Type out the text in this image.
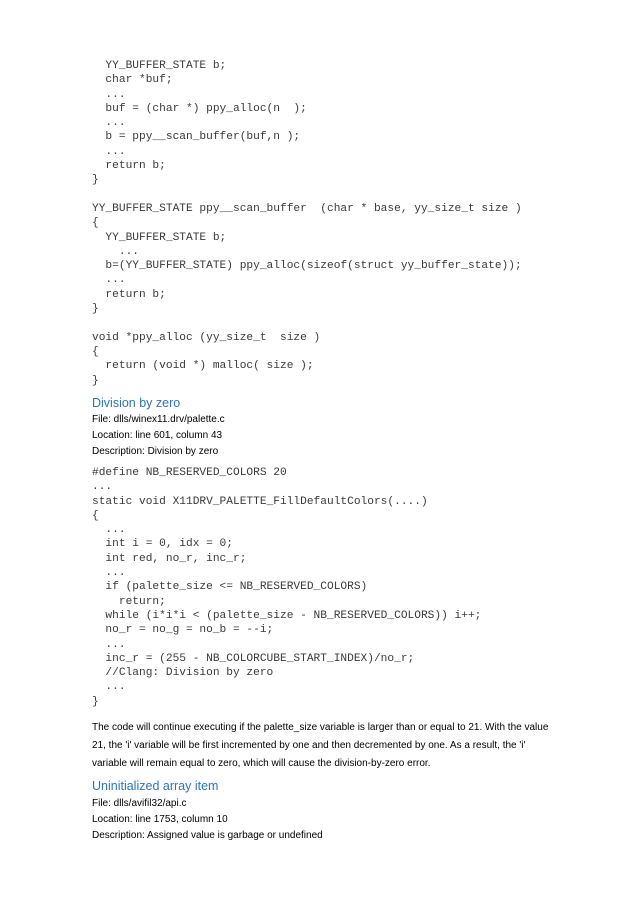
YY_BUFFER_STATE b;
char *buf;
...
buf = (char *) ppy_alloc(n  );
...
b = ppy__scan_buffer(buf,n );
...
return b;
}
YY_BUFFER_STATE ppy__scan_buffer  (char * base, yy_size_t size )
{
YY_BUFFER_STATE b;
...
b=(YY_BUFFER_STATE) ppy_alloc(sizeof(struct yy_buffer_state));
...
return b;
}
void *ppy_alloc (yy_size_t  size )
{
return (void *) malloc( size );
}
Division by zero
File: dlls/winex11.drv/palette.c
Location: line 601, column 43
Description: Division by zero
#define NB_RESERVED_COLORS 20
...
static void X11DRV_PALETTE_FillDefaultColors(....)
{
...
int i = 0, idx = 0;
int red, no_r, inc_r;
...
if (palette_size <= NB_RESERVED_COLORS)
return;
while (i*i*i < (palette_size - NB_RESERVED_COLORS)) i++;
no_r = no_g = no_b = --i;
...
inc_r = (255 - NB_COLORCUBE_START_INDEX)/no_r;
//Clang: Division by zero
...
}
The code will continue executing if the palette_size variable is larger than or equal to 21. With the value
21, the 'i' variable will be first incremented by one and then decremented by one. As a result, the 'i'
variable will remain equal to zero, which will cause the division-by-zero error.
Uninitialized array item
File: dlls/avifil32/api.c
Location: line 1753, column 10
Description: Assigned value is garbage or undefined
